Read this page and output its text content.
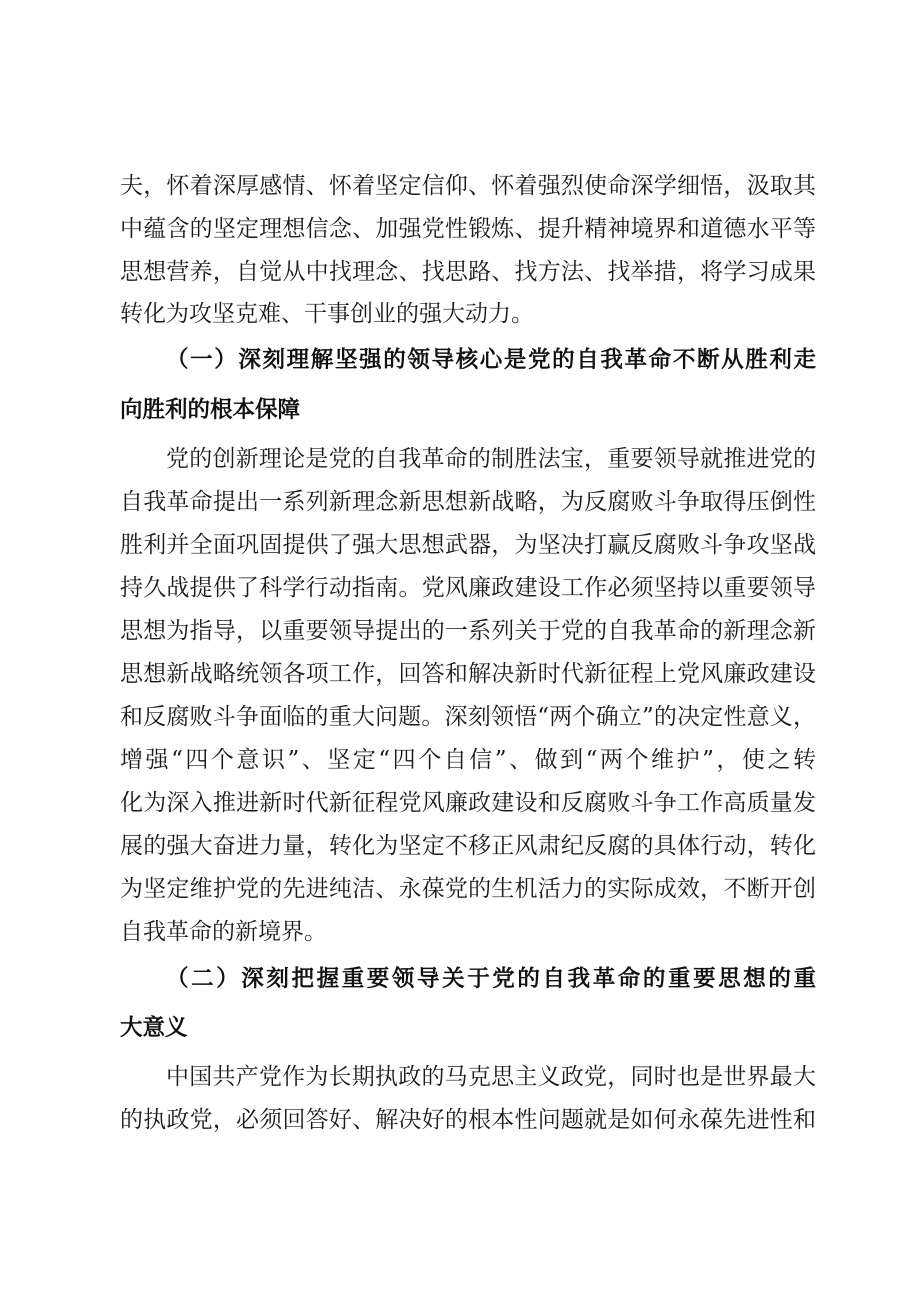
夫，怀着深厚感情、怀着坚定信仰、怀着强烈使命深学细悟，汲取其

中蕴含的坚定理想信念、加强党性锻炼、提升精神境界和道德水平等

思想营养，自觉从中找理念、找思路、找方法、找举措，将学习成果

转化为攻坚克难、干事创业的强大动力。

（一）深刻理解坚强的领导核心是党的自我革命不断从胜利走

向胜利的根本保障

党的创新理论是党的自我革命的制胜法宝，重要领导就推进党的

自我革命提出一系列新理念新思想新战略，为反腐败斗争取得压倒性

胜利并全面巩固提供了强大思想武器，为坚决打赢反腐败斗争攻坚战

持久战提供了科学行动指南。党风廉政建设工作必须坚持以重要领导

思想为指导，以重要领导提出的一系列关于党的自我革命的新理念新

思想新战略统领各项工作，回答和解决新时代新征程上党风廉政建设

和反腐败斗争面临的重大问题。深刻领悟“两个确立”的决定性意义，

增强“四个意识”、坚定“四个自信”、做到“两个维护”，使之转

化为深入推进新时代新征程党风廉政建设和反腐败斗争工作高质量发

展的强大奋进力量，转化为坚定不移正风肃纪反腐的具体行动，转化

为坚定维护党的先进纯洁、永葆党的生机活力的实际成效，不断开创

自我革命的新境界。

（二）深刻把握重要领导关于党的自我革命的重要思想的重

大意义

中国共产党作为长期执政的马克思主义政党，同时也是世界最大

的执政党，必须回答好、解决好的根本性问题就是如何永葆先进性和
